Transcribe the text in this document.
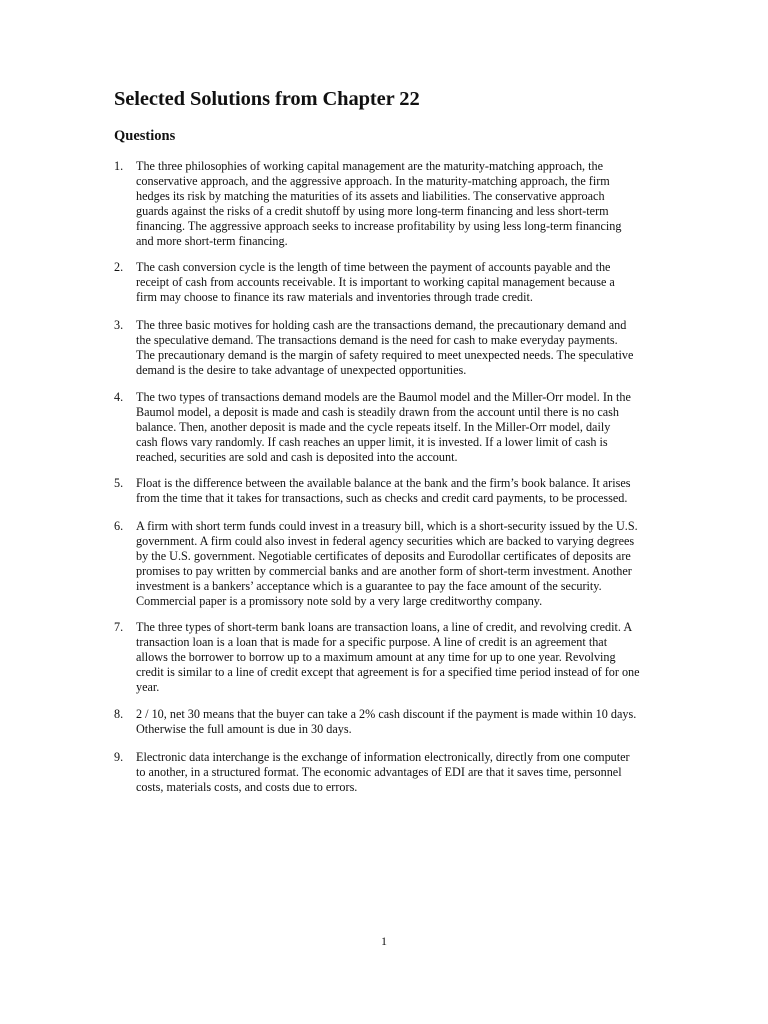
Selected Solutions from Chapter 22
Questions
1. The three philosophies of working capital management are the maturity-matching approach, the
conservative approach, and the aggressive approach. In the maturity-matching approach, the firm
hedges its risk by matching the maturities of its assets and liabilities. The conservative approach
guards against the risks of a credit shutoff by using more long-term financing and less short-term
financing. The aggressive approach seeks to increase profitability by using less long-term financing
and more short-term financing.
2. The cash conversion cycle is the length of time between the payment of accounts payable and the
receipt of cash from accounts receivable. It is important to working capital management because a
firm may choose to finance its raw materials and inventories through trade credit.
3. The three basic motives for holding cash are the transactions demand, the precautionary demand and
the speculative demand. The transactions demand is the need for cash to make everyday payments.
The precautionary demand is the margin of safety required to meet unexpected needs. The speculative
demand is the desire to take advantage of unexpected opportunities.
4. The two types of transactions demand models are the Baumol model and the Miller-Orr model. In the
Baumol model, a deposit is made and cash is steadily drawn from the account until there is no cash
balance. Then, another deposit is made and the cycle repeats itself. In the Miller-Orr model, daily
cash flows vary randomly. If cash reaches an upper limit, it is invested. If a lower limit of cash is
reached, securities are sold and cash is deposited into the account.
5. Float is the difference between the available balance at the bank and the firm’s book balance. It arises
from the time that it takes for transactions, such as checks and credit card payments, to be processed.
6. A firm with short term funds could invest in a treasury bill, which is a short-security issued by the U.S.
government. A firm could also invest in federal agency securities which are backed to varying degrees
by the U.S. government. Negotiable certificates of deposits and Eurodollar certificates of deposits are
promises to pay written by commercial banks and are another form of short-term investment. Another
investment is a bankers’ acceptance which is a guarantee to pay the face amount of the security.
Commercial paper is a promissory note sold by a very large creditworthy company.
7. The three types of short-term bank loans are transaction loans, a line of credit, and revolving credit. A
transaction loan is a loan that is made for a specific purpose. A line of credit is an agreement that
allows the borrower to borrow up to a maximum amount at any time for up to one year. Revolving
credit is similar to a line of credit except that agreement is for a specified time period instead of for one
year.
8. 2 / 10, net 30 means that the buyer can take a 2% cash discount if the payment is made within 10 days.
Otherwise the full amount is due in 30 days.
9. Electronic data interchange is the exchange of information electronically, directly from one computer
to another, in a structured format. The economic advantages of EDI are that it saves time, personnel
costs, materials costs, and costs due to errors.
1
